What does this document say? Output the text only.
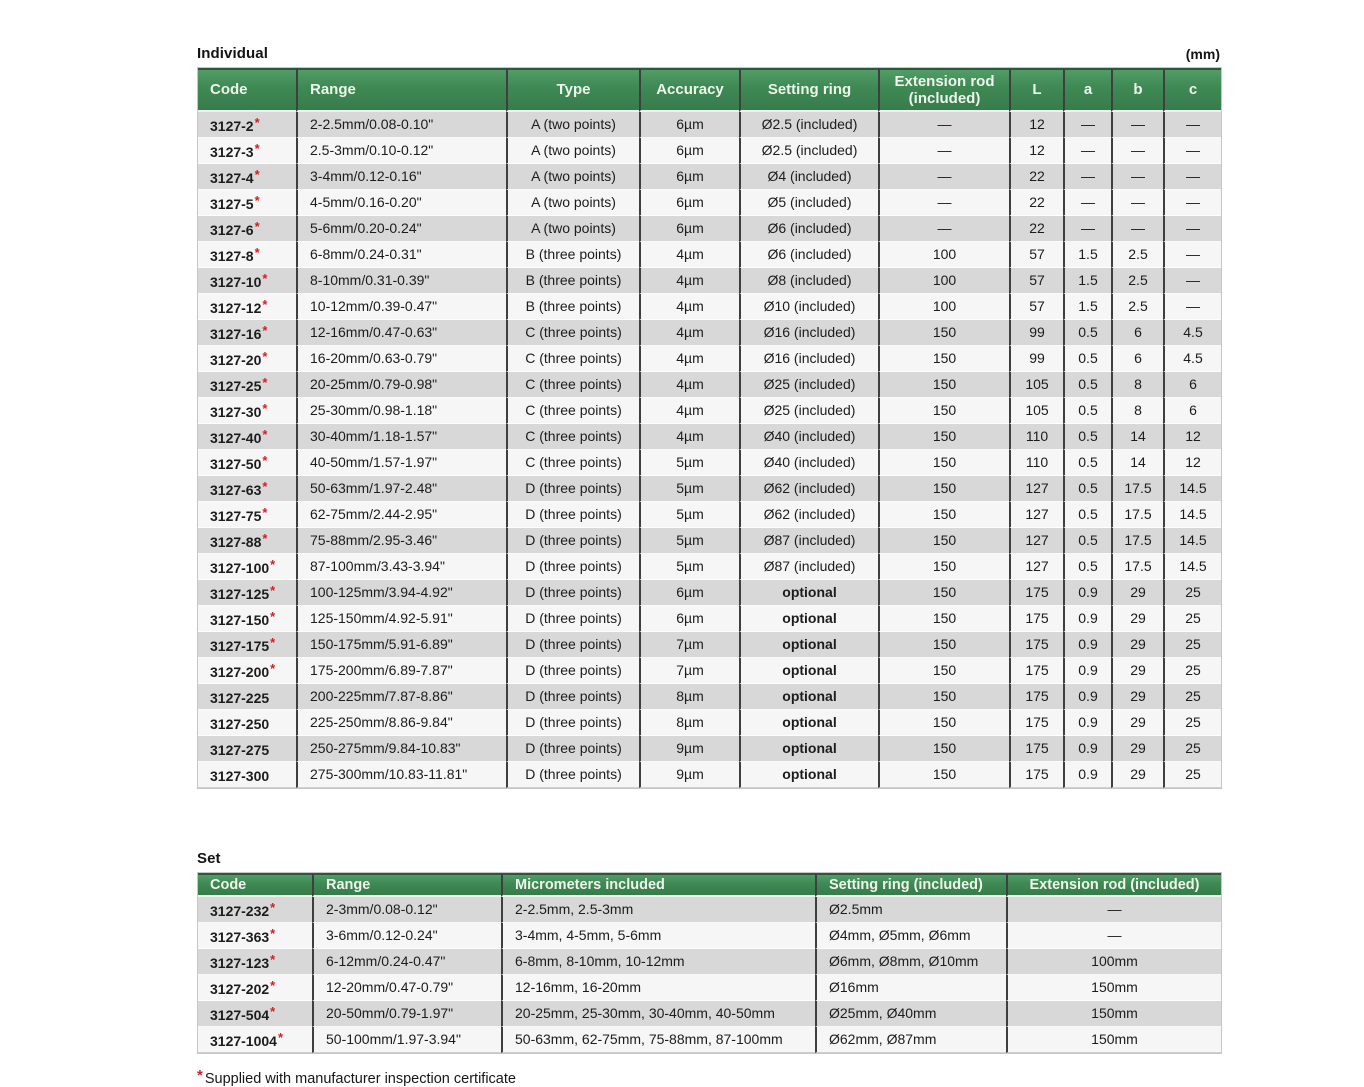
Individual	(mm)
Code	Range	Type	Accuracy	Setting ring	Extension rod (included)	L	a	b	c
3127-2*	2-2.5mm/0.08-0.10"	A (two points)	6µm	Ø2.5 (included)	—	12	—	—	—
3127-3*	2.5-3mm/0.10-0.12"	A (two points)	6µm	Ø2.5 (included)	—	12	—	—	—
3127-4*	3-4mm/0.12-0.16"	A (two points)	6µm	Ø4 (included)	—	22	—	—	—
3127-5*	4-5mm/0.16-0.20"	A (two points)	6µm	Ø5 (included)	—	22	—	—	—
3127-6*	5-6mm/0.20-0.24"	A (two points)	6µm	Ø6 (included)	—	22	—	—	—
3127-8*	6-8mm/0.24-0.31"	B (three points)	4µm	Ø6 (included)	100	57	1.5	2.5	—
3127-10*	8-10mm/0.31-0.39"	B (three points)	4µm	Ø8 (included)	100	57	1.5	2.5	—
3127-12*	10-12mm/0.39-0.47"	B (three points)	4µm	Ø10 (included)	100	57	1.5	2.5	—
3127-16*	12-16mm/0.47-0.63"	C (three points)	4µm	Ø16 (included)	150	99	0.5	6	4.5
3127-20*	16-20mm/0.63-0.79"	C (three points)	4µm	Ø16 (included)	150	99	0.5	6	4.5
3127-25*	20-25mm/0.79-0.98"	C (three points)	4µm	Ø25 (included)	150	105	0.5	8	6
3127-30*	25-30mm/0.98-1.18"	C (three points)	4µm	Ø25 (included)	150	105	0.5	8	6
3127-40*	30-40mm/1.18-1.57"	C (three points)	4µm	Ø40 (included)	150	110	0.5	14	12
3127-50*	40-50mm/1.57-1.97"	C (three points)	5µm	Ø40 (included)	150	110	0.5	14	12
3127-63*	50-63mm/1.97-2.48"	D (three points)	5µm	Ø62 (included)	150	127	0.5	17.5	14.5
3127-75*	62-75mm/2.44-2.95"	D (three points)	5µm	Ø62 (included)	150	127	0.5	17.5	14.5
3127-88*	75-88mm/2.95-3.46"	D (three points)	5µm	Ø87 (included)	150	127	0.5	17.5	14.5
3127-100*	87-100mm/3.43-3.94"	D (three points)	5µm	Ø87 (included)	150	127	0.5	17.5	14.5
3127-125*	100-125mm/3.94-4.92"	D (three points)	6µm	optional	150	175	0.9	29	25
3127-150*	125-150mm/4.92-5.91"	D (three points)	6µm	optional	150	175	0.9	29	25
3127-175*	150-175mm/5.91-6.89"	D (three points)	7µm	optional	150	175	0.9	29	25
3127-200*	175-200mm/6.89-7.87"	D (three points)	7µm	optional	150	175	0.9	29	25
3127-225	200-225mm/7.87-8.86"	D (three points)	8µm	optional	150	175	0.9	29	25
3127-250	225-250mm/8.86-9.84"	D (three points)	8µm	optional	150	175	0.9	29	25
3127-275	250-275mm/9.84-10.83"	D (three points)	9µm	optional	150	175	0.9	29	25
3127-300	275-300mm/10.83-11.81"	D (three points)	9µm	optional	150	175	0.9	29	25
Set
Code	Range	Micrometers included	Setting ring (included)	Extension rod (included)
3127-232*	2-3mm/0.08-0.12"	2-2.5mm, 2.5-3mm	Ø2.5mm	—
3127-363*	3-6mm/0.12-0.24"	3-4mm, 4-5mm, 5-6mm	Ø4mm, Ø5mm, Ø6mm	—
3127-123*	6-12mm/0.24-0.47"	6-8mm, 8-10mm, 10-12mm	Ø6mm, Ø8mm, Ø10mm	100mm
3127-202*	12-20mm/0.47-0.79"	12-16mm, 16-20mm	Ø16mm	150mm
3127-504*	20-50mm/0.79-1.97"	20-25mm, 25-30mm, 30-40mm, 40-50mm	Ø25mm, Ø40mm	150mm
3127-1004*	50-100mm/1.97-3.94"	50-63mm, 62-75mm, 75-88mm, 87-100mm	Ø62mm, Ø87mm	150mm
* Supplied with manufacturer inspection certificate
